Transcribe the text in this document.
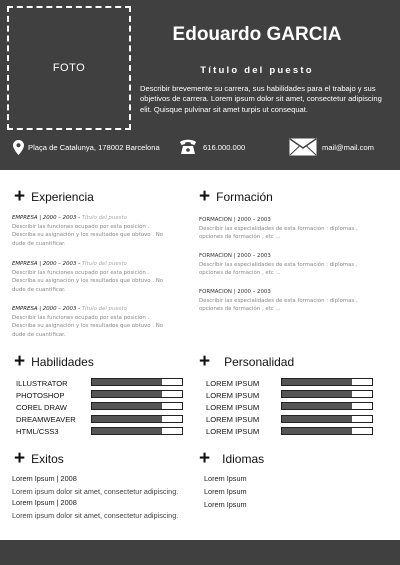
FOTO
Edouardo GARCIA
Título del puesto
Describir brevemente su carrera, sus habilidades para el trabajo y sus objetivos de carrera. Lorem ipsum dolor sit amet, consectetur adipiscing elit. Quisque pulvinar sit amet turpis ut consequat.
Plaça de Catalunya, 178002 Barcelona	616.000.000	mail@mail.com
+ Experiencia
EMPRESA | 2000 – 2003 - Título del puesto
Describir las funciones ocupado por esta posición .
Describa su asignación y los resultados que obtuvo . No
dude de cuantificar.
EMPRESA | 2000 – 2003 - Título del puesto
Describir las funciones ocupado por esta posición .
Describa su asignación y los resultados que obtuvo . No
dude de cuantificar.
EMPRESA | 2000 – 2003 - Título del puesto
Describir las funciones ocupado por esta posición .
Describa su asignación y los resultados que obtuvo . No
dude de cuantificar.
+ Formación
FORMACION | 2000 – 2003
Describir las especialidades de esta formación : diplomas ,
opciones de formación , etc ...
FORMACION | 2000 – 2003
Describir las especialidades de esta formación : diplomas ,
opciones de formación , etc ...
FORMACION | 2000 – 2003
Describir las especialidades de esta formación : diplomas ,
opciones de formación , etc ...
+ Habilidades
ILLUSTRATOR
PHOTOSHOP
COREL DRAW
DREAMWEAVER
HTML/CSS3
+ Personalidad
LOREM IPSUM
LOREM IPSUM
LOREM IPSUM
LOREM IPSUM
LOREM IPSUM
+ Exitos
Lorem Ipsum | 2008
Lorem ipsum dolor sit amet, consectetur adipiscing.
Lorem Ipsum | 2008
Lorem ipsum dolor sit amet, consectetur adipiscing.
+ Idiomas
Lorem Ipsum
Lorem Ipsum
Lorem Ipsum
